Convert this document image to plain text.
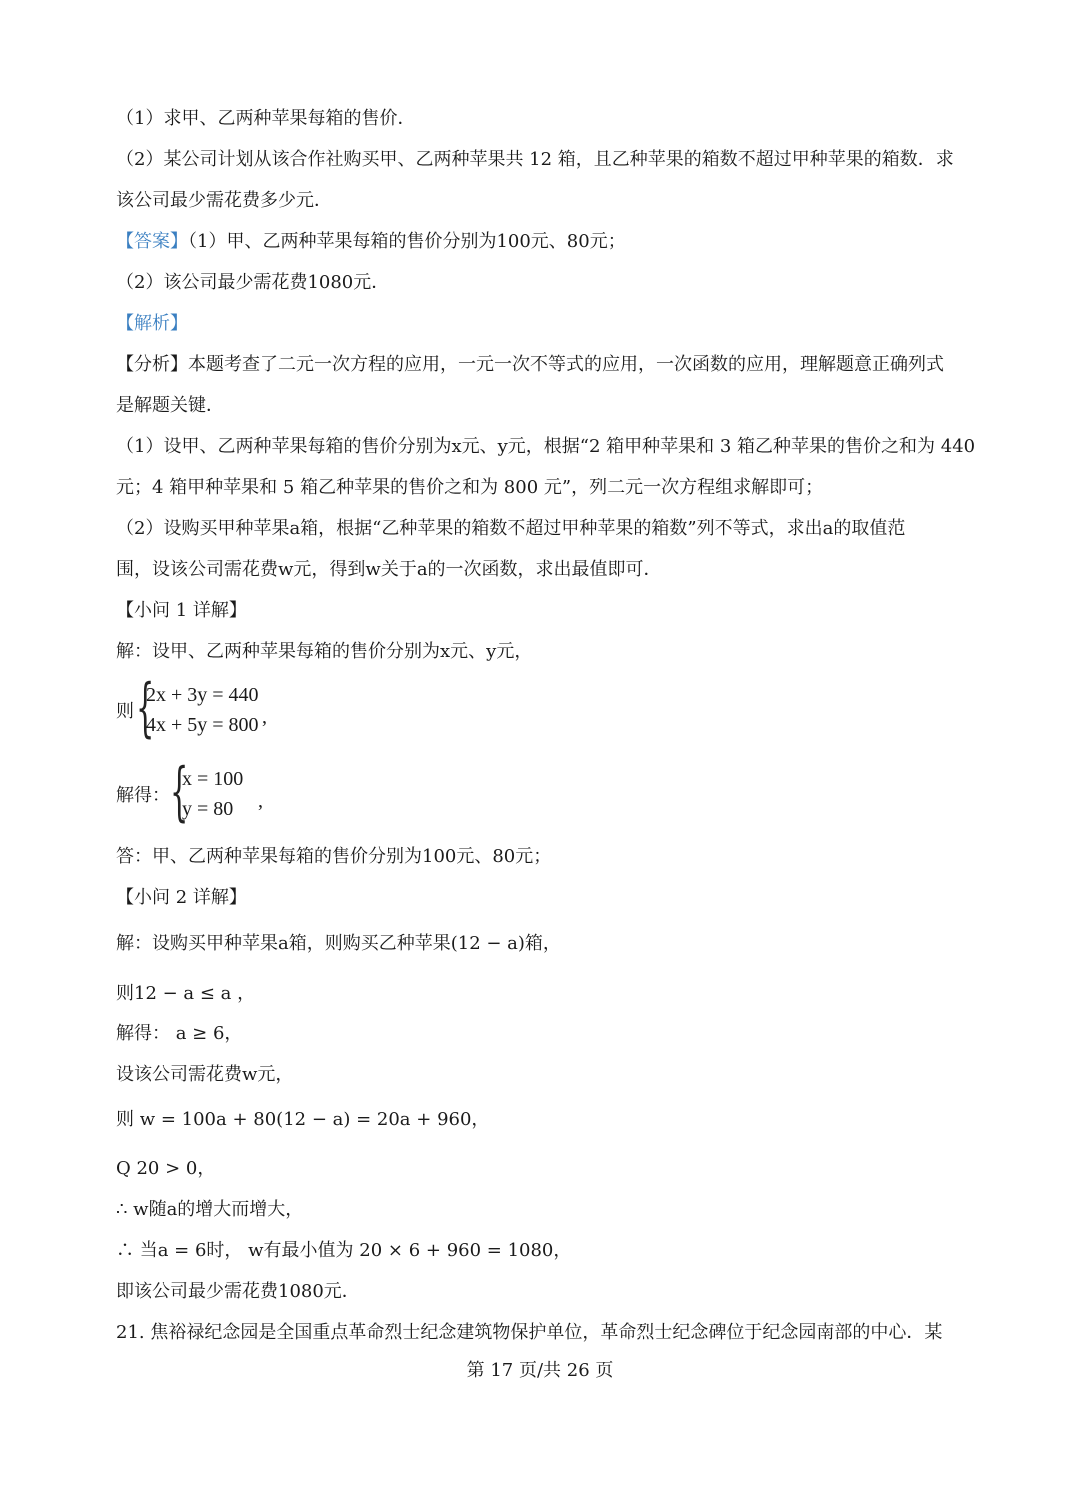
（1）求甲、乙两种苹果每箱的售价．
（2）某公司计划从该合作社购买甲、乙两种苹果共 12 箱，且乙种苹果的箱数不超过甲种苹果的箱数．求
该公司最少需花费多少元．
【答案】（1）甲、乙两种苹果每箱的售价分别为100元、80元；
（2）该公司最少需花费1080元．
【解析】
【分析】本题考查了二元一次方程的应用，一元一次不等式的应用，一次函数的应用，理解题意正确列式
是解题关键．
（1）设甲、乙两种苹果每箱的售价分别为x元、y元，根据“2 箱甲种苹果和 3 箱乙种苹果的售价之和为 440
元；4 箱甲种苹果和 5 箱乙种苹果的售价之和为 800 元”，列二元一次方程组求解即可；
（2）设购买甲种苹果a箱，根据“乙种苹果的箱数不超过甲种苹果的箱数”列不等式，求出a的取值范
围，设该公司需花费w元，得到w关于a的一次函数，求出最值即可．
【小问 1 详解】
解：设甲、乙两种苹果每箱的售价分别为x元、y元，
则 {
2x + 3y = 440
4x + 5y = 800 ,
解得： {
x = 100
y = 80 ,
答：甲、乙两种苹果每箱的售价分别为100元、80元；
【小问 2 详解】
解：设购买甲种苹果a箱，则购买乙种苹果(12 − a)箱，
则12 − a ≤ a ，
解得： a ≥ 6，
设该公司需花费w元，
则 w = 100a + 80(12 − a) = 20a + 960，
Q 20 > 0，
∴ w随a的增大而增大，
∴ 当a = 6时， w有最小值为 20 × 6 + 960 = 1080，
即该公司最少需花费1080元．
21. 焦裕禄纪念园是全国重点革命烈士纪念建筑物保护单位，革命烈士纪念碑位于纪念园南部的中心．某
第 17 页/共 26 页
